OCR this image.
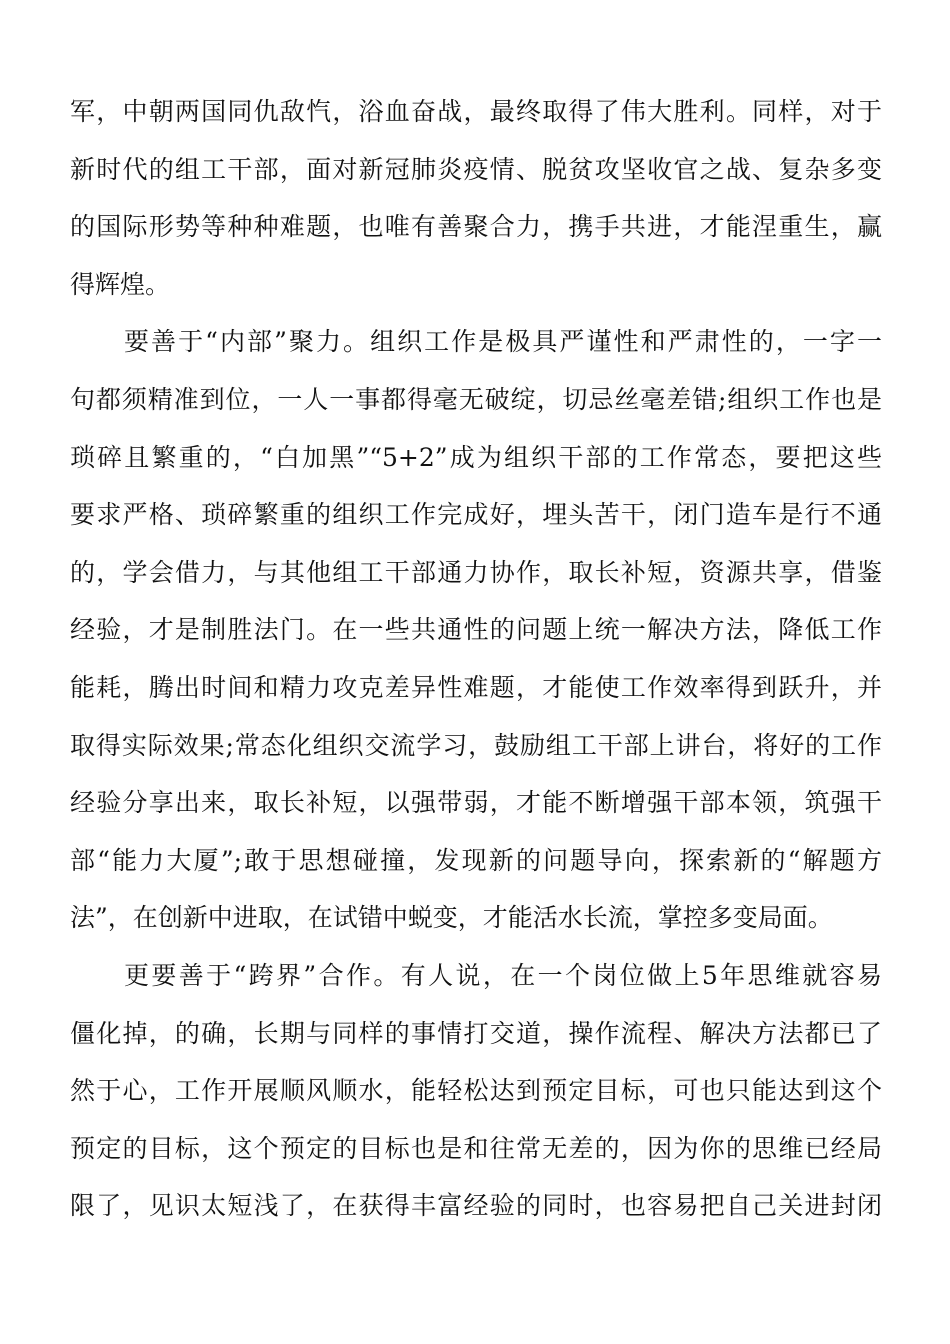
军，中朝两国同仇敌忾，浴血奋战，最终取得了伟大胜利。同样，对于
新时代的组工干部，面对新冠肺炎疫情、脱贫攻坚收官之战、复杂多变
的国际形势等种种难题，也唯有善聚合力，携手共进，才能涅重生，赢
得辉煌。
要善于“内部”聚力。组织工作是极具严谨性和严肃性的，一字一
句都须精准到位，一人一事都得毫无破绽，切忌丝毫差错;组织工作也是
琐碎且繁重的，“白加黑”“5+2”成为组织干部的工作常态，要把这些
要求严格、琐碎繁重的组织工作完成好，埋头苦干，闭门造车是行不通
的，学会借力，与其他组工干部通力协作，取长补短，资源共享，借鉴
经验，才是制胜法门。在一些共通性的问题上统一解决方法，降低工作
能耗，腾出时间和精力攻克差异性难题，才能使工作效率得到跃升，并
取得实际效果;常态化组织交流学习，鼓励组工干部上讲台，将好的工作
经验分享出来，取长补短，以强带弱，才能不断增强干部本领，筑强干
部“能力大厦”;敢于思想碰撞，发现新的问题导向，探索新的“解题方
法”，在创新中进取，在试错中蜕变，才能活水长流，掌控多变局面。
更要善于“跨界”合作。有人说，在一个岗位做上5年思维就容易
僵化掉，的确，长期与同样的事情打交道，操作流程、解决方法都已了
然于心，工作开展顺风顺水，能轻松达到预定目标，可也只能达到这个
预定的目标，这个预定的目标也是和往常无差的，因为你的思维已经局
限了，见识太短浅了，在获得丰富经验的同时，也容易把自己关进封闭
